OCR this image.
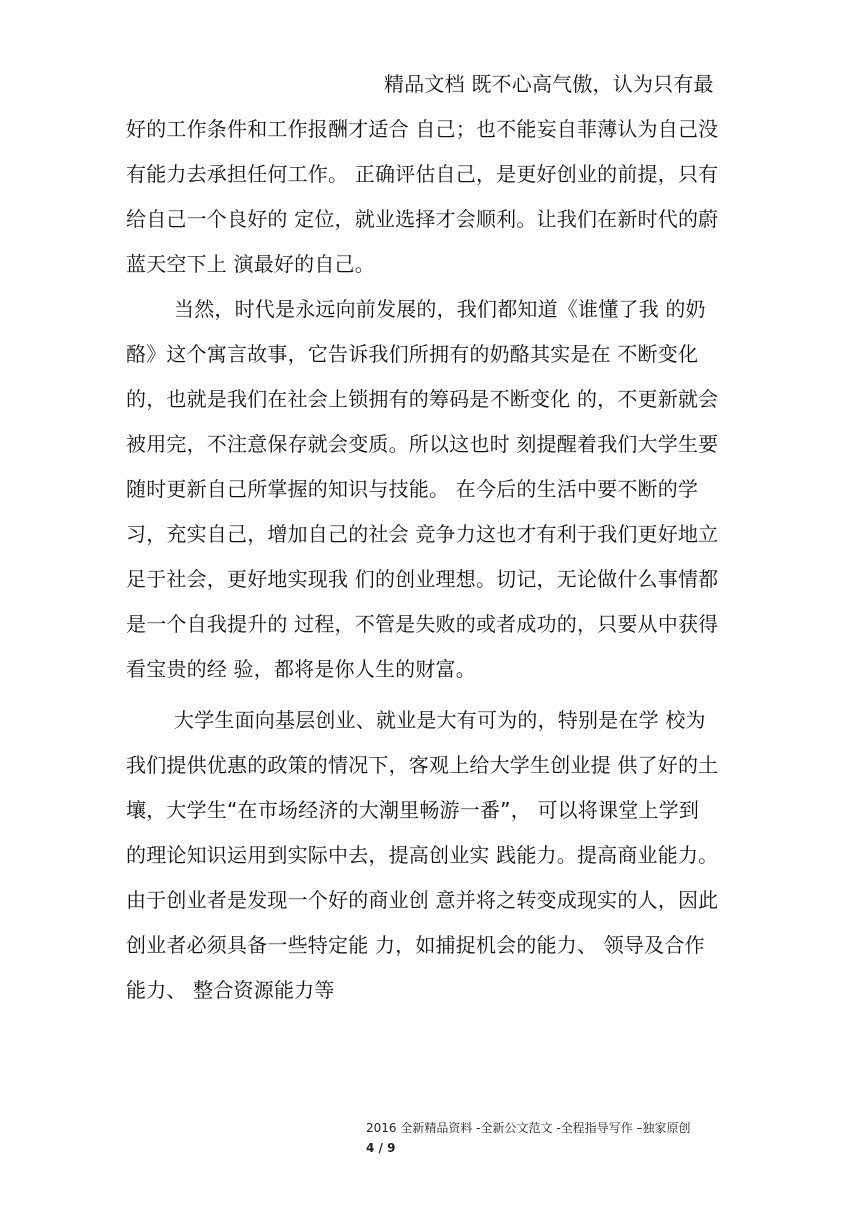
精品文档 既不心高气傲，认为只有最
好的工作条件和工作报酬才适合 自己；也不能妄自菲薄认为自己没
有能力去承担任何工作。 正确评估自己，是更好创业的前提，只有
给自己一个良好的 定位，就业选择才会顺利。让我们在新时代的蔚
蓝天空下上 演最好的自己。
当然，时代是永远向前发展的，我们都知道《谁懂了我 的奶
酪》这个寓言故事，它告诉我们所拥有的奶酪其实是在 不断变化
的，也就是我们在社会上锁拥有的筹码是不断变化 的，不更新就会
被用完，不注意保存就会变质。所以这也时 刻提醒着我们大学生要
随时更新自己所掌握的知识与技能。 在今后的生活中要不断的学
习，充实自己，增加自己的社会 竞争力这也才有利于我们更好地立
足于社会，更好地实现我 们的创业理想。切记，无论做什么事情都
是一个自我提升的 过程，不管是失败的或者成功的，只要从中获得
看宝贵的经 验，都将是你人生的财富。
大学生面向基层创业、就业是大有可为的，特别是在学 校为
我们提供优惠的政策的情况下，客观上给大学生创业提 供了好的土
壤，大学生“在市场经济的大潮里畅游一番”， 可以将课堂上学到
的理论知识运用到实际中去，提高创业实 践能力。提高商业能力。
由于创业者是发现一个好的商业创 意并将之转变成现实的人，因此
创业者必须具备一些特定能 力，如捕捉机会的能力、 领导及合作
能力、 整合资源能力等
2016 全新精品资料 -全新公文范文 -全程指导写作 –独家原创
4 / 9
